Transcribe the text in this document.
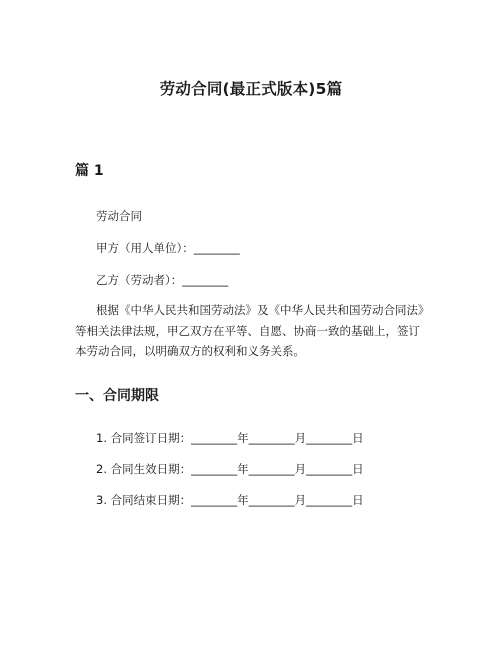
劳动合同(最正式版本)5篇
篇 1
劳动合同
甲方（用人单位）：________
乙方（劳动者）：________
根据《中华人民共和国劳动法》及《中华人民共和国劳动合同法》
等相关法律法规，甲乙双方在平等、自愿、协商一致的基础上，签订
本劳动合同，以明确双方的权利和义务关系。
一、合同期限
1. 合同签订日期：________年________月________日
2. 合同生效日期：________年________月________日
3. 合同结束日期：________年________月________日
